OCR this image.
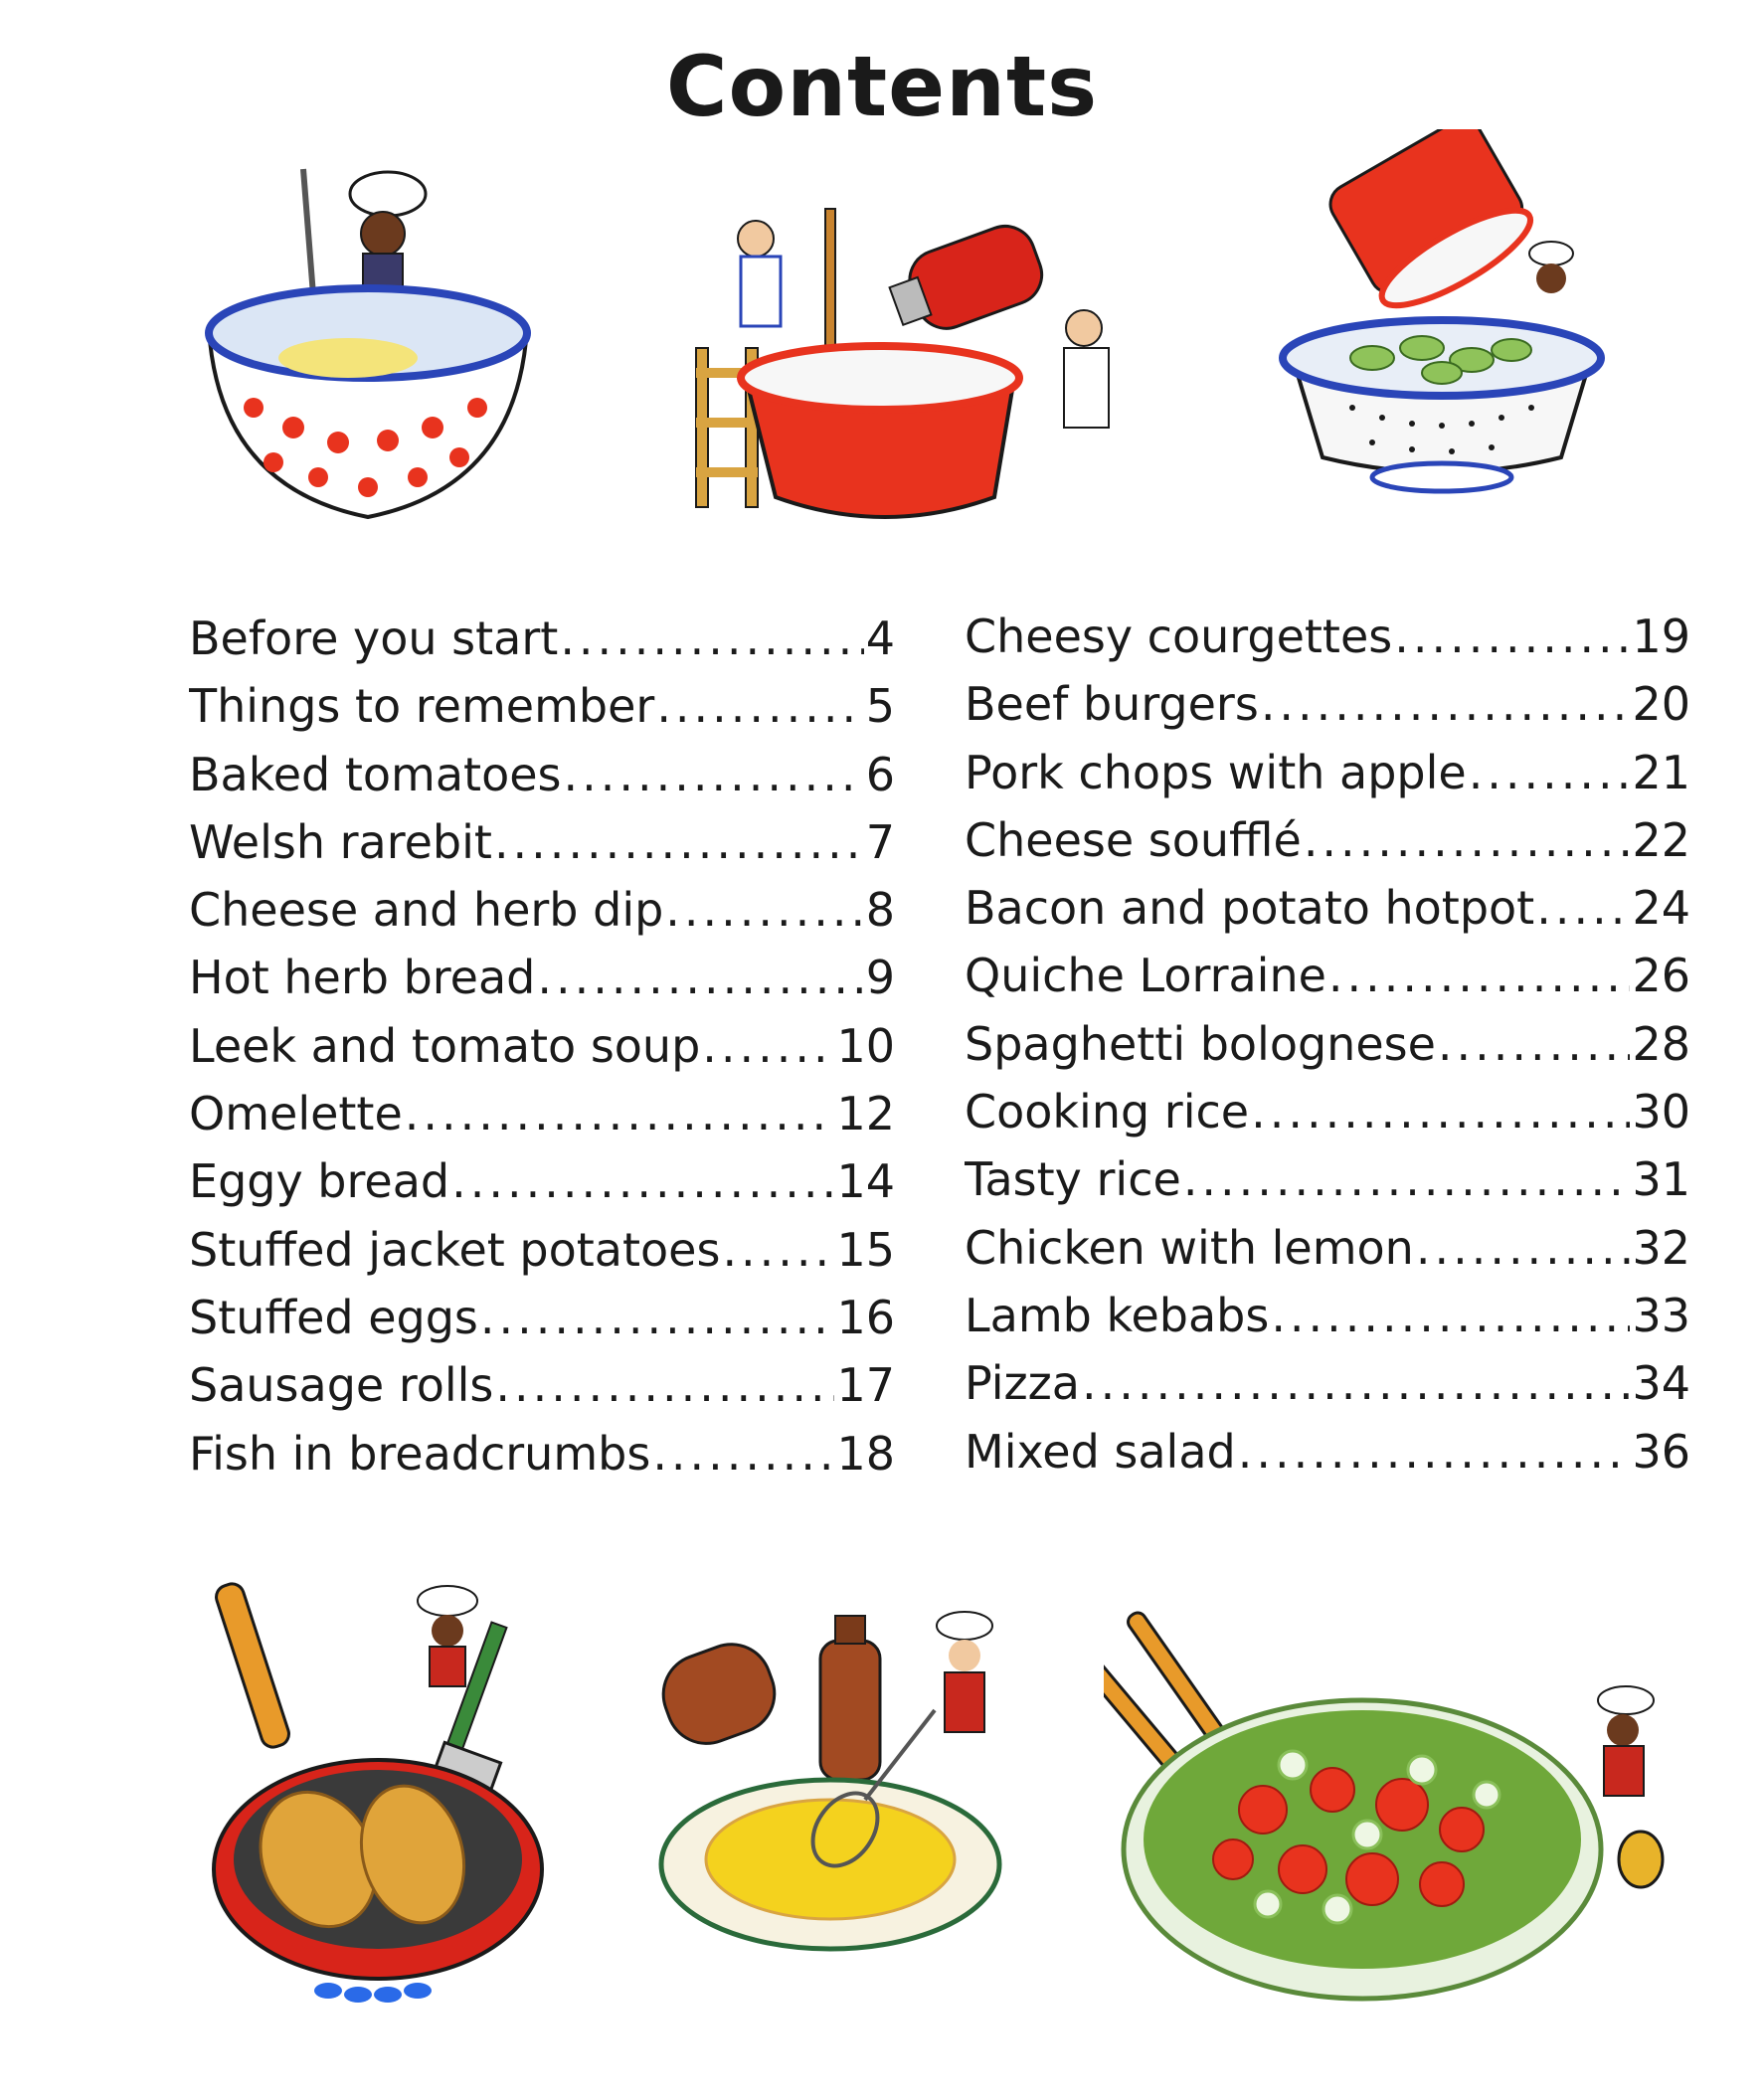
Contents
Before you start .....	4
Things to remember .....	5
Baked tomatoes .....	6
Welsh rarebit .....	7
Cheese and herb dip .....	8
Hot herb bread .....	9
Leek and tomato soup .....	10
Omelette .....	12
Eggy bread .....	14
Stuffed jacket potatoes .....	15
Stuffed eggs .....	16
Sausage rolls .....	17
Fish in breadcrumbs .....	18
Cheesy courgettes .....	19
Beef burgers .....	20
Pork chops with apple .....	21
Cheese soufflé .....	22
Bacon and potato hotpot ..... 24
Quiche Lorraine .....	26
Spaghetti bolognese .....	28
Cooking rice .....	30
Tasty rice .....	31
Chicken with lemon .....	32
Lamb kebabs .....	33
Pizza .....	34
Mixed salad .....	36
